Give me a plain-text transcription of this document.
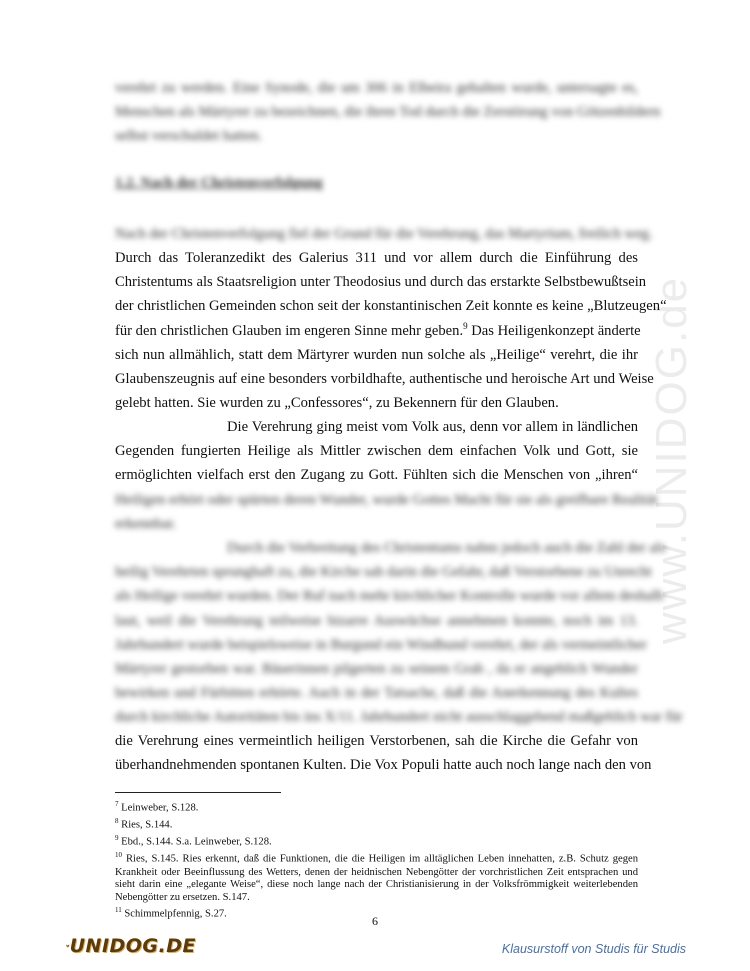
www.UNIDOG.de
verehrt zu werden. Eine Synode, die um 306 in Elbeira gehalten wurde, untersagte es,
Menschen als Märtyrer zu bezeichnen, die ihren Tod durch die Zerstörung von Götzenbildern
selbst verschuldet hatten.
1.2. Nach der Christenverfolgung
Nach der Christenverfolgung fiel der Grund für die Verehrung, das Martyrium, freilich weg.
Durch das Toleranzedikt des Galerius 311 und vor allem durch die Einführung des
Christentums als Staatsreligion unter Theodosius und durch das erstarkte Selbstbewußtsein
der christlichen Gemeinden schon seit der konstantinischen Zeit konnte es keine „Blutzeugen“
für den christlichen Glauben im engeren Sinne mehr geben.$^9$ Das Heiligenkonzept änderte
sich nun allmählich, statt dem Märtyrer wurden nun solche als „Heilige“ verehrt, die ihr
Glaubenszeugnis auf eine besonders vorbildhafte, authentische und heroische Art und Weise
gelebt hatten. Sie wurden zu „Confessores“, zu Bekennern für den Glauben.
Die Verehrung ging meist vom Volk aus, denn vor allem in ländlichen
Gegenden fungierten Heilige als Mittler zwischen dem einfachen Volk und Gott, sie
ermöglichten vielfach erst den Zugang zu Gott. Fühlten sich die Menschen von „ihren“
Heiligen erhört oder spürten deren Wunder, wurde Gottes Macht für sie als greifbare Realität
erkennbar.
Durch die Verbreitung des Christentums nahm jedoch auch die Zahl der als
heilig Verehrten sprunghaft zu, die Kirche sah darin die Gefahr, daß Verstorbene zu Unrecht
als Heilige verehrt wurden. Der Ruf nach mehr kirchlicher Kontrolle wurde vor allem deshalb
laut, weil die Verehrung teilweise bizarre Auswüchse annehmen konnte, noch im 13.
Jahrhundert wurde beispielsweise in Burgund ein Windhund verehrt, der als vermeintlicher
Märtyrer gestorben war. Bäuerinnen pilgerten zu seinem Grab , da er angeblich Wunder
bewirken und Fürbitten erhörte. Auch in der Tatsache, daß die Anerkennung des Kultes
durch kirchliche Autoritäten bis ins X/11. Jahrhundert nicht ausschlaggebend maßgeblich war für
die Verehrung eines vermeintlich heiligen Verstorbenen, sah die Kirche die Gefahr von
überhandnehmenden spontanen Kulten. Die Vox Populi hatte auch noch lange nach den von

$^7$ Leinweber, S.128.

$^8$ Ries, S.144.

$^9$ Ebd., S.144. S.a. Leinweber, S.128.

$^{10}$ Ries, S.145. Ries erkennt, daß die Funktionen, die die Heiligen im alltäglichen Leben innehatten, z.B. Schutz gegen Krankheit oder Beeinflussung des Wetters, denen der heidnischen Nebengötter der vorchristlichen Zeit entsprachen und sieht darin eine „elegante Weise“, diese noch lange nach der Christianisierung in der Volksfrömmigkeit weiterlebenden Nebengötter zu ersetzen. S.147.

$^{11}$ Schimmelpfennig, S.27.	6
UNIDOG.DE	Klausurstoff von Studis für Studis
